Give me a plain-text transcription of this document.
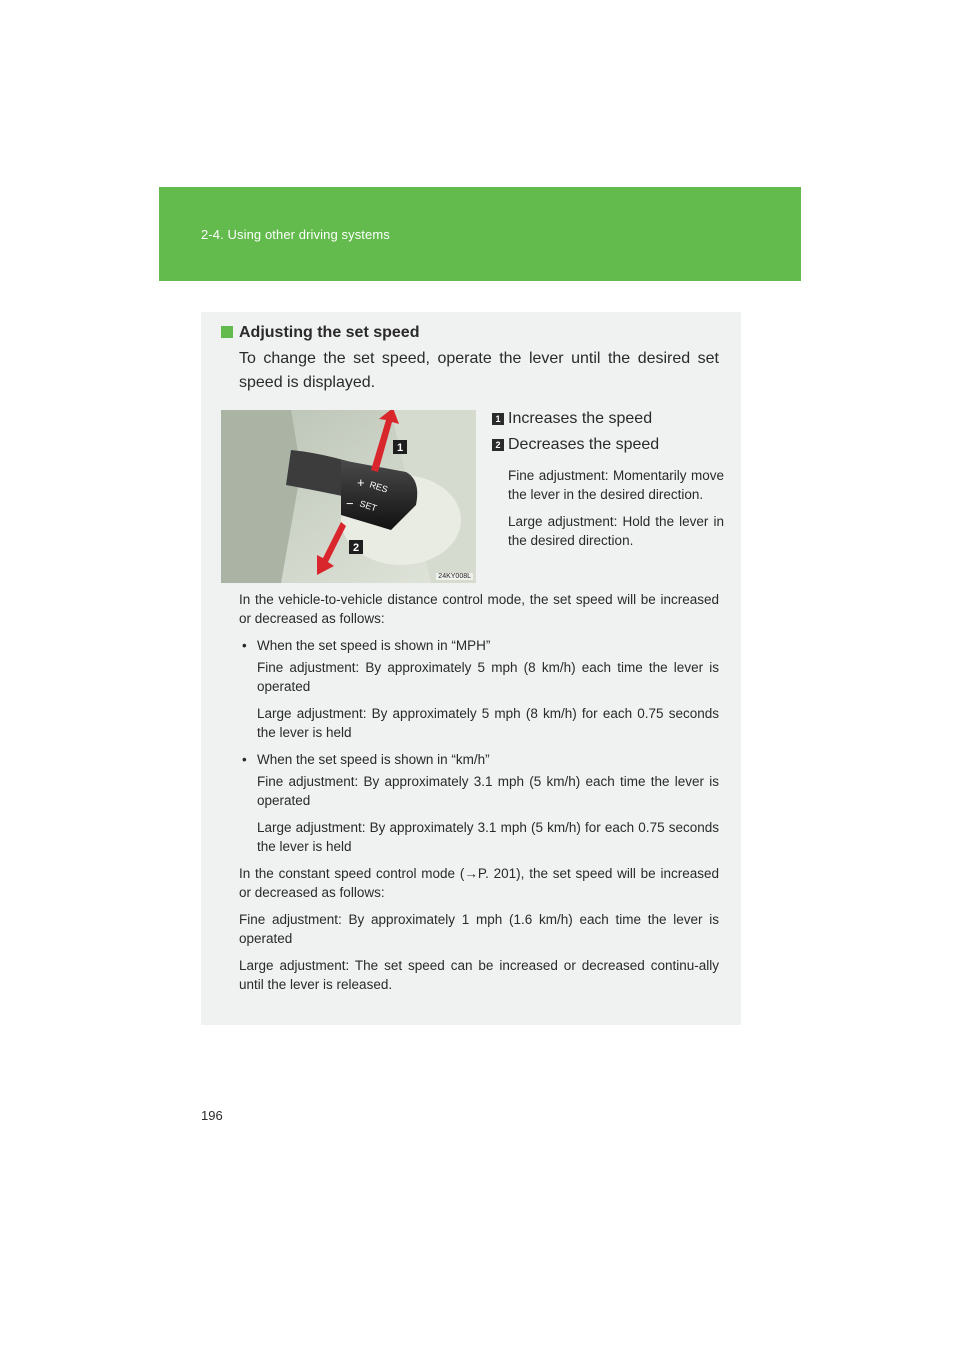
2-4. Using other driving systems
Adjusting the set speed
To change the set speed, operate the lever until the desired set speed is displayed.
RES
+
SET
−
1
2
24KY008L
1 Increases the speed
2 Decreases the speed
Fine adjustment: Momentarily move the lever in the desired direction.
Large adjustment: Hold the lever in the desired direction.

In the vehicle-to-vehicle distance control mode, the set speed will be increased or decreased as follows:

• When the set speed is shown in “MPH”
Fine adjustment: By approximately 5 mph (8 km/h) each time the lever is operated
Large adjustment: By approximately 5 mph (8 km/h) for each 0.75 seconds the lever is held
• When the set speed is shown in “km/h”
Fine adjustment: By approximately 3.1 mph (5 km/h) each time the lever is operated
Large adjustment: By approximately 3.1 mph (5 km/h) for each 0.75 seconds the lever is held

In the constant speed control mode (→P. 201), the set speed will be increased or decreased as follows:

Fine adjustment: By approximately 1 mph (1.6 km/h) each time the lever is operated

Large adjustment: The set speed can be increased or decreased continu-ally until the lever is released.

196
